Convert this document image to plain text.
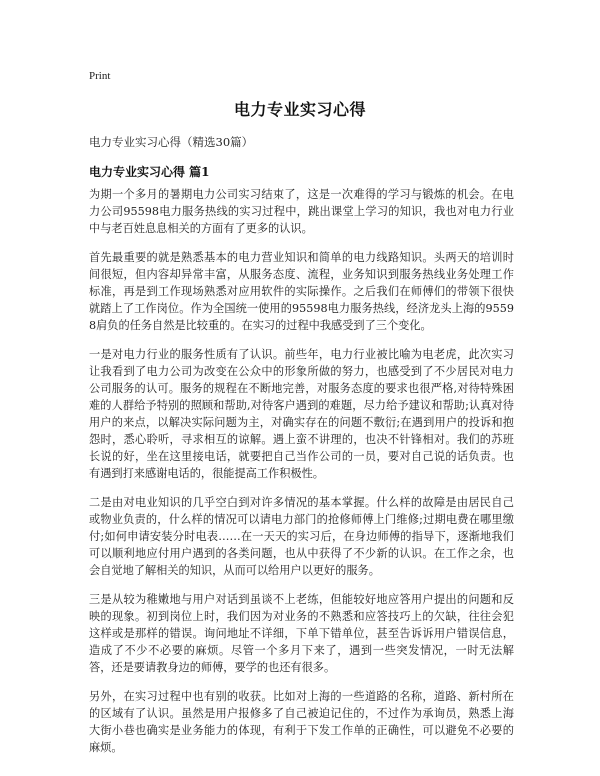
Print
电力专业实习心得
电力专业实习心得（精选30篇）
电力专业实习心得 篇1

为期一个多月的暑期电力公司实习结束了，这是一次难得的学习与锻炼的机会。在电力公司95598电力服务热线的实习过程中，跳出课堂上学习的知识，我也对电力行业中与老百姓息息相关的方面有了更多的认识。

首先最重要的就是熟悉基本的电力营业知识和简单的电力线路知识。头两天的培训时间很短，但内容却异常丰富，从服务态度、流程，业务知识到服务热线业务处理工作标准，再是到工作现场熟悉对应用软件的实际操作。之后我们在师傅们的带领下很快就踏上了工作岗位。作为全国统一使用的95598电力服务热线，经济龙头上海的95598肩负的任务自然是比较重的。在实习的过程中我感受到了三个变化。

一是对电力行业的服务性质有了认识。前些年，电力行业被比喻为电老虎，此次实习让我看到了电力公司为改变在公众中的形象所做的努力，也感受到了不少居民对电力公司服务的认可。服务的规程在不断地完善，对服务态度的要求也很严格,对待特殊困难的人群给予特别的照顾和帮助,对待客户遇到的难题，尽力给予建议和帮助;认真对待用户的来点，以解决实际问题为主，对确实存在的问题不敷衍;在遇到用户的投诉和抱怨时，悉心聆听，寻求相互的谅解。遇上蛮不讲理的，也决不针锋相对。我们的苏班长说的好，坐在这里接电话，就要把自己当作公司的一员，要对自己说的话负责。也有遇到打来感谢电话的，很能提高工作积极性。

二是由对电业知识的几乎空白到对许多情况的基本掌握。什么样的故障是由居民自己或物业负责的，什么样的情况可以请电力部门的抢修师傅上门维修;过期电费在哪里缴付;如何申请安装分时电表……在一天天的实习后，在身边师傅的指导下，逐渐地我们可以顺利地应付用户遇到的各类问题，也从中获得了不少新的认识。在工作之余，也会自觉地了解相关的知识，从而可以给用户以更好的服务。

三是从较为稚嫩地与用户对话到虽谈不上老练，但能较好地应答用户提出的问题和反映的现象。初到岗位上时，我们因为对业务的不熟悉和应答技巧上的欠缺，往往会犯这样或是那样的错误。询问地址不详细，下单下错单位，甚至告诉诉用户错误信息，造成了不少不必要的麻烦。尽管一个多月下来了，遇到一些突发情况，一时无法解答，还是要请教身边的师傅，要学的也还有很多。

另外，在实习过程中也有别的收获。比如对上海的一些道路的名称，道路、新村所在的区域有了认识。虽然是用户报修多了自己被迫记住的，不过作为承询员，熟悉上海大街小巷也确实是业务能力的体现，有利于下发工作单的正确性，可以避免不必要的麻烦。
